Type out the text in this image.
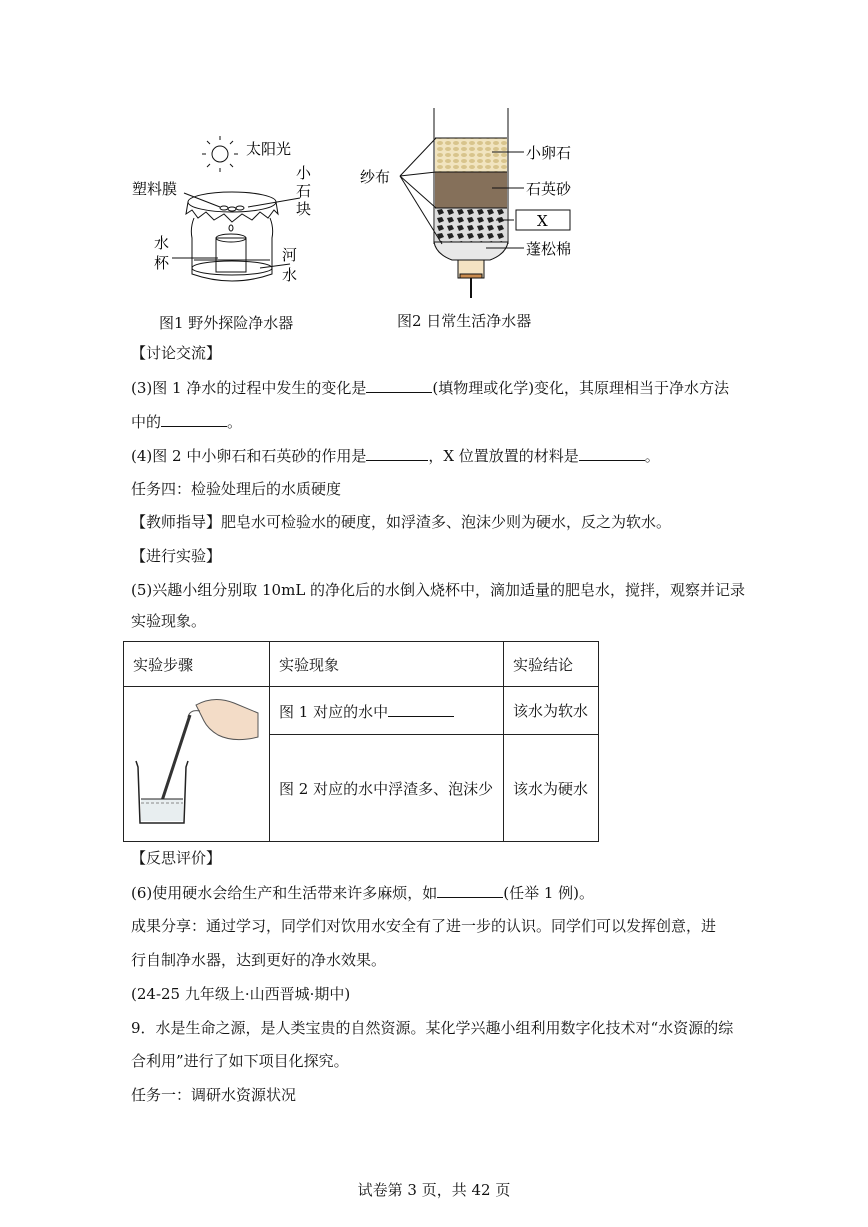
太阳光
塑料膜
小
石
块
水
杯	河
水
图1 野外探险净水器
纱布
小卵石
石英砂
X
蓬松棉
图2 日常生活净水器
【讨论交流】
(3)图 1 净水的过程中发生的变化是	(填物理或化学)变化，其原理相当于净水方法
中的	。
(4)图 2 中小卵石和石英砂的作用是	，X 位置放置的材料是	。
任务四：检验处理后的水质硬度
【教师指导】肥皂水可检验水的硬度，如浮渣多、泡沫少则为硬水，反之为软水。
【进行实验】
(5)兴趣小组分别取 10mL 的净化后的水倒入烧杯中，滴加适量的肥皂水，搅拌，观察并记录
实验现象。
实验步骤	实验现象	实验结论
	图 1 对应的水中	该水为软水
	图 2 对应的水中浮渣多、泡沫少	该水为硬水
【反思评价】
(6)使用硬水会给生产和生活带来许多麻烦，如	(任举 1 例)。
成果分享：通过学习，同学们对饮用水安全有了进一步的认识。同学们可以发挥创意，进
行自制净水器，达到更好的净水效果。
(24-25 九年级上·山西晋城·期中)
9．水是生命之源，是人类宝贵的自然资源。某化学兴趣小组利用数字化技术对“水资源的综
合利用”进行了如下项目化探究。
任务一：调研水资源状况
试卷第 3 页，共 42 页
